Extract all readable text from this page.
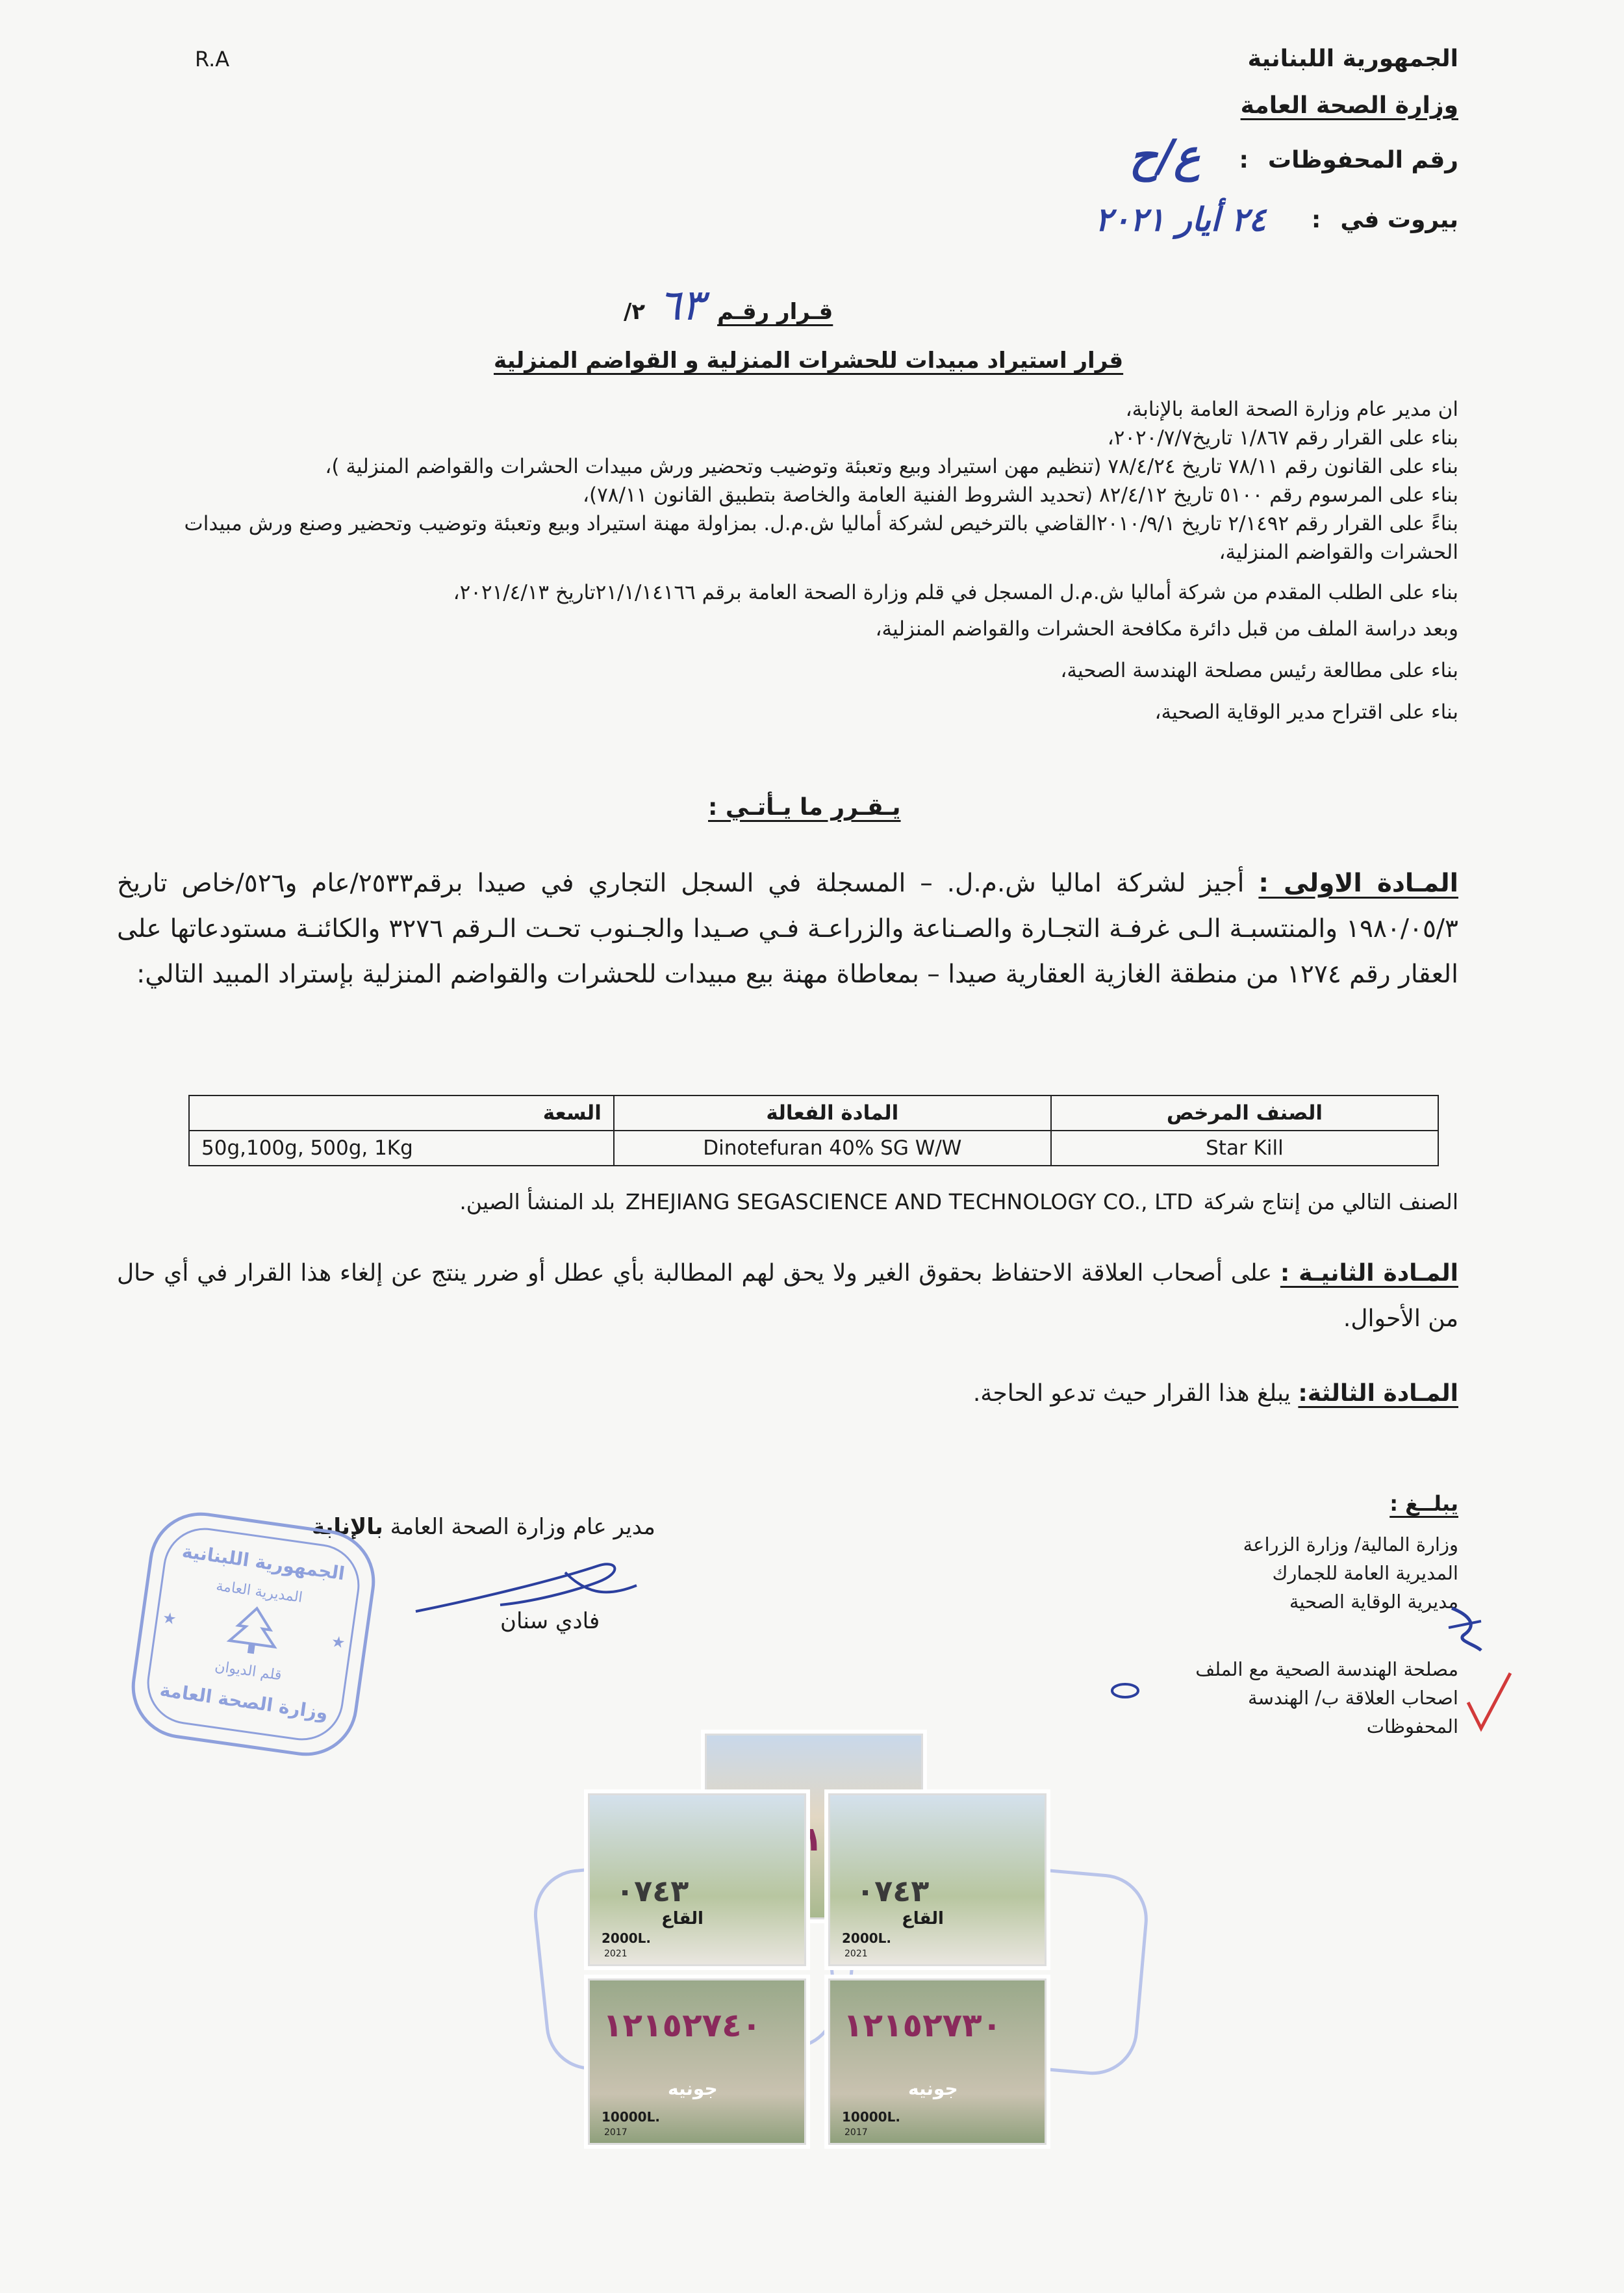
R.A	الجمهورية اللبنانية
وزارة الصحة العامة
رقم المحفوظات
:
ع/ح
بيروت في
:
٢٤ أيار ٢٠٢١
قـرار رقـم
٦٣
٢/
قرار استيراد مبيدات للحشرات المنزلية و القواضم المنزلية
ان مدير عام وزارة الصحة العامة بالإنابة،
بناء على القرار رقم ١/٨٦٧ تاريخ٢٠٢٠/٧/٧،
بناء على القانون رقم ٧٨/١١ تاريخ ٧٨/٤/٢٤ (تنظيم مهن استيراد وبيع وتعبئة وتوضيب وتحضير ورش مبيدات الحشرات والقواضم المنزلية )،
بناء على المرسوم رقم ٥١٠٠ تاريخ ٨٢/٤/١٢ (تحديد الشروط الفنية العامة والخاصة بتطبيق القانون ٧٨/١١)،
بناءً على القرار رقم ٢/١٤٩٢ تاريخ ٢٠١٠/٩/١القاضي بالترخيص لشركة أماليا ش.م.ل. بمزاولة مهنة استيراد وبيع وتعبئة وتوضيب وتحضير وصنع ورش مبيدات الحشرات والقواضم المنزلية،
بناء على الطلب المقدم من شركة أماليا ش.م.ل المسجل في قلم وزارة الصحة العامة برقم ٢١/١/١٤١٦٦تاريخ ٢٠٢١/٤/١٣،
وبعد دراسة الملف من قبل دائرة مكافحة الحشرات والقواضم المنزلية،
بناء على مطالعة رئيس مصلحة الهندسة الصحية،
بناء على اقتراح مدير الوقاية الصحية،
يـقـرر ما يـأتـي :
المـادة الاولى : أجيز لشركة اماليا ش.م.ل. – المسجلة في السجل التجاري في صيدا برقم٢٥٣٣/عام و٥٢٦/خاص تاريخ ١٩٨٠/٠٥/٣ والمنتسبـة الـى غرفـة التجـارة والصـناعة والزراعـة فـي صـيدا والجـنوب تحـت الـرقم ٣٢٧٦ والكائنـة مستودعاتها على العقار رقم ١٢٧٤ من منطقة الغازية العقارية صيدا – بمعاطاة مهنة بيع مبيدات للحشرات والقواضم المنزلية بإستراد المبيد التالي:
الصنف المرخص	المادة الفعالة	السعة
Star Kill	Dinotefuran 40% SG W/W	50g,100g, 500g, 1Kg
الصنف التالي من إنتاج شركة
ZHEJIANG SEGASCIENCE AND TECHNOLOGY CO., LTD
بلد المنشأ الصين.
المـادة الثانيـة : على أصحاب العلاقة الاحتفاظ بحقوق الغير ولا يحق لهم المطالبة بأي عطل أو ضرر ينتج عن إلغاء هذا القرار في أي حال من الأحوال.
المـادة الثالثة: يبلغ هذا القرار حيث تدعو الحاجة.
يبلــغ :
وزارة المالية/ وزارة الزراعة
المديرية العامة للجمارك
مديرية الوقاية الصحية
مصلحة الهندسة الصحية مع الملف
اصحاب العلاقة ب/ الهندسة
المحفوظات
مدير عام وزارة الصحة العامة بالإنابة
فادي سنان
الجمهورية اللبنانية
المديرية العامة
قلم الديوان
وزارة الصحة العامة
★
★
٠٧٤٣
القاع
2000L.
2021
٠٧٤٣
القاع
2000L.
2021
١٢١٥٢٧٤٠
جونيه
10000L.
2017
١٢١٥٢٧٣٠
جونيه
10000L.
2017
